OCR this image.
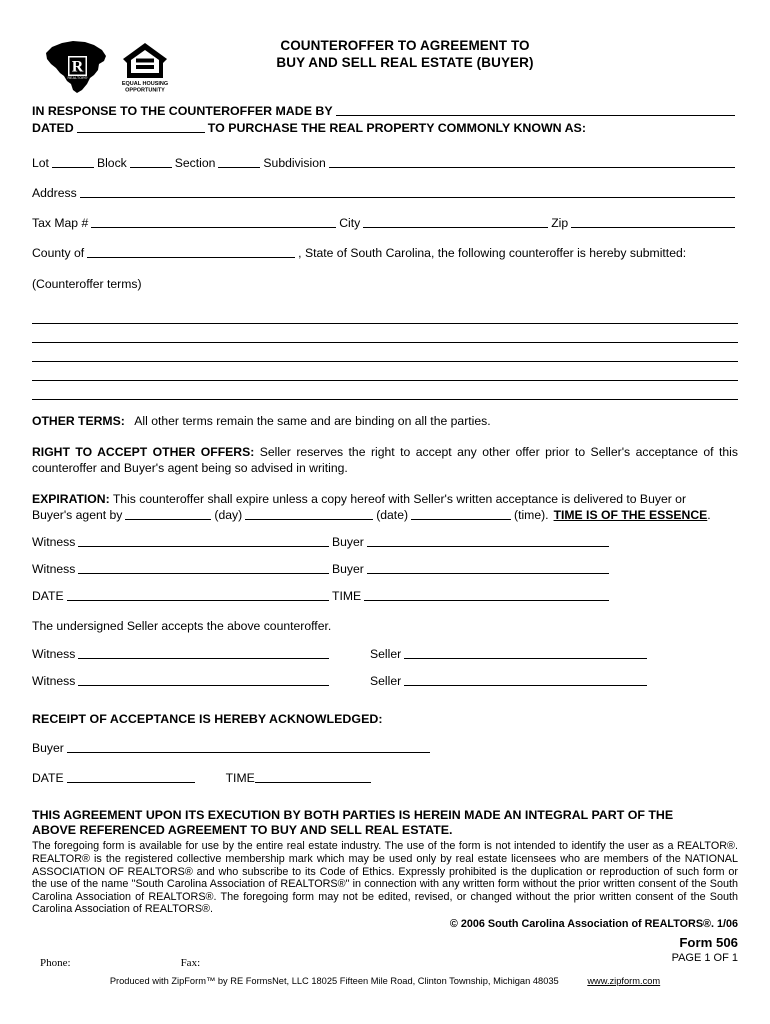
R
REALTOR®
EQUAL HOUSING
OPPORTUNITY
COUNTEROFFER TO AGREEMENT TO
BUY AND SELL REAL ESTATE (BUYER)
IN RESPONSE TO THE COUNTEROFFER MADE BY
DATED	TO PURCHASE THE REAL PROPERTY COMMONLY KNOWN AS:
Lot	Block	Section	Subdivision
Address
Tax Map #	City	Zip
County of	, State of South Carolina, the following counteroffer is hereby submitted:
(Counteroffer terms)
OTHER TERMS: All other terms remain the same and are binding on all the parties.
RIGHT TO ACCEPT OTHER OFFERS: Seller reserves the right to accept any other offer prior to Seller's acceptance of this counteroffer and Buyer's agent being so advised in writing.
EXPIRATION: This counteroffer shall expire unless a copy hereof with Seller's written acceptance is delivered to Buyer or
Buyer's agent by	(day)	(date)	(time). TIME IS OF THE ESSENCE .
Witness	Buyer
Witness	Buyer
DATE	TIME
The undersigned Seller accepts the above counteroffer.
Witness	Seller
Witness	Seller
RECEIPT OF ACCEPTANCE IS HEREBY ACKNOWLEDGED:
Buyer
DATE	TIME
THIS AGREEMENT UPON ITS EXECUTION BY BOTH PARTIES IS HEREIN MADE AN INTEGRAL PART OF THE
ABOVE REFERENCED AGREEMENT TO BUY AND SELL REAL ESTATE.
The foregoing form is available for use by the entire real estate industry. The use of the form is not intended to identify the user as a REALTOR®. REALTOR® is the registered collective membership mark which may be used only by real estate licensees who are members of the NATIONAL ASSOCIATION OF REALTORS® and who subscribe to its Code of Ethics. Expressly prohibited is the duplication or reproduction of such form or the use of the name "South Carolina Association of REALTORS®" in connection with any written form without the prior written consent of the South Carolina Association of REALTORS®. The foregoing form may not be edited, revised, or changed without the prior written consent of the South Carolina Association of REALTORS®.
© 2006 South Carolina Association of REALTORS®. 1/06
Form 506
PAGE 1 OF 1
Phone:	Fax:
Produced with ZipForm™ by RE FormsNet, LLC 18025 Fifteen Mile Road, Clinton Township, Michigan 48035	www.zipform.com
